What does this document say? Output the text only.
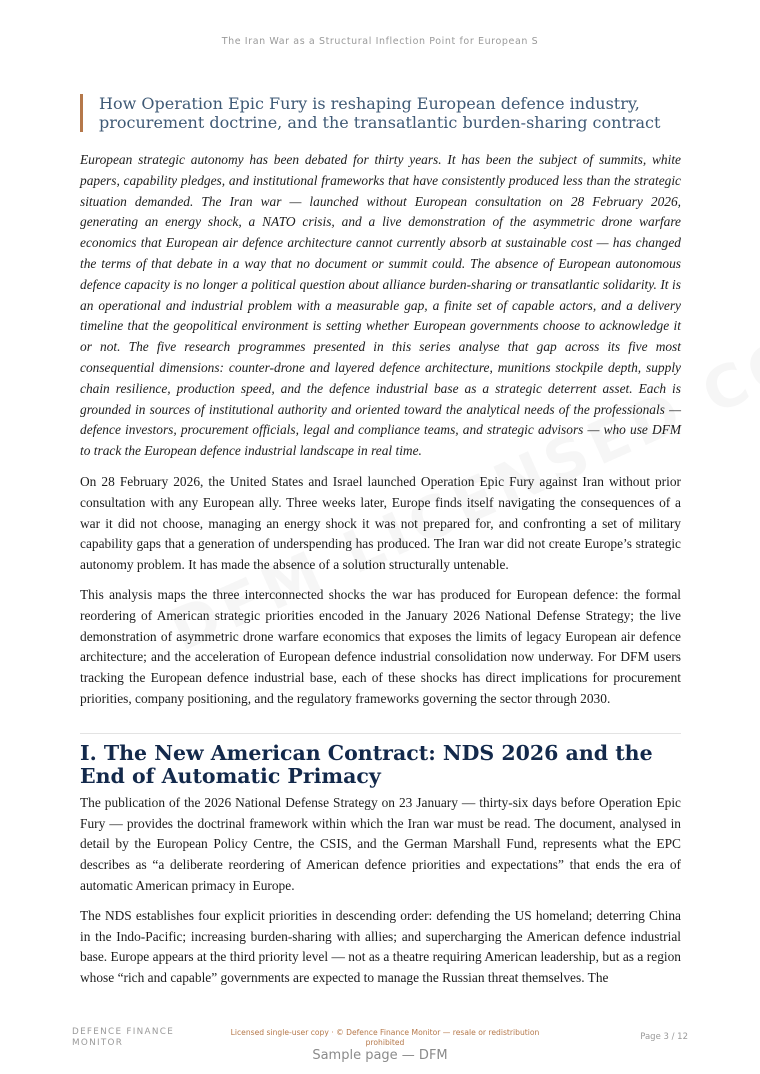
The Iran War as a Structural Inflection Point for European S
How Operation Epic Fury is reshaping European defence industry, procurement doctrine, and the transatlantic burden-sharing contract

European strategic autonomy has been debated for thirty years. It has been the subject of summits, white papers, capability pledges, and institutional frameworks that have consistently produced less than the strategic situation demanded. The Iran war — launched without European consultation on 28 February 2026, generating an energy shock, a NATO crisis, and a live demonstration of the asymmetric drone warfare economics that European air defence architecture cannot currently absorb at sustainable cost — has changed the terms of that debate in a way that no document or summit could. The absence of European autonomous defence capacity is no longer a political question about alliance burden-sharing or transatlantic solidarity. It is an operational and industrial problem with a measurable gap, a finite set of capable actors, and a delivery timeline that the geopolitical environment is setting whether European governments choose to acknowledge it or not. The five research programmes presented in this series analyse that gap across its five most consequential dimensions: counter-drone and layered defence architecture, munitions stockpile depth, supply chain resilience, production speed, and the defence industrial base as a strategic deterrent asset. Each is grounded in sources of institutional authority and oriented toward the analytical needs of the professionals — defence investors, procurement officials, legal and compliance teams, and strategic advisors — who use DFM to track the European defence industrial landscape in real time.

On 28 February 2026, the United States and Israel launched Operation Epic Fury against Iran without prior consultation with any European ally. Three weeks later, Europe finds itself navigating the consequences of a war it did not choose, managing an energy shock it was not prepared for, and confronting a set of military capability gaps that a generation of underspending has produced. The Iran war did not create Europe’s strategic autonomy problem. It has made the absence of a solution structurally untenable.

This analysis maps the three interconnected shocks the war has produced for European defence: the formal reordering of American strategic priorities encoded in the January 2026 National Defense Strategy; the live demonstration of asymmetric drone warfare economics that exposes the limits of legacy European air defence architecture; and the acceleration of European defence industrial consolidation now underway. For DFM users tracking the European defence industrial base, each of these shocks has direct implications for procurement priorities, company positioning, and the regulatory frameworks governing the sector through 2030.

I. The New American Contract: NDS 2026 and the End of Automatic Primacy

The publication of the 2026 National Defense Strategy on 23 January — thirty-six days before Operation Epic Fury — provides the doctrinal framework within which the Iran war must be read. The document, analysed in detail by the European Policy Centre, the CSIS, and the German Marshall Fund, represents what the EPC describes as “a deliberate reordering of American defence priorities and expectations” that ends the era of automatic American primacy in Europe.

The NDS establishes four explicit priorities in descending order: defending the US homeland; deterring China in the Indo-Pacific; increasing burden-sharing with allies; and supercharging the American defence industrial base. Europe appears at the third priority level — not as a theatre requiring American leadership, but as a region whose “rich and capable” governments are expected to manage the Russian threat themselves. The

DEFENCE FINANCE
MONITOR
Licensed single-user copy · © Defence Finance Monitor — resale or redistribution prohibited
Page 3 / 12
Sample page — DFM
